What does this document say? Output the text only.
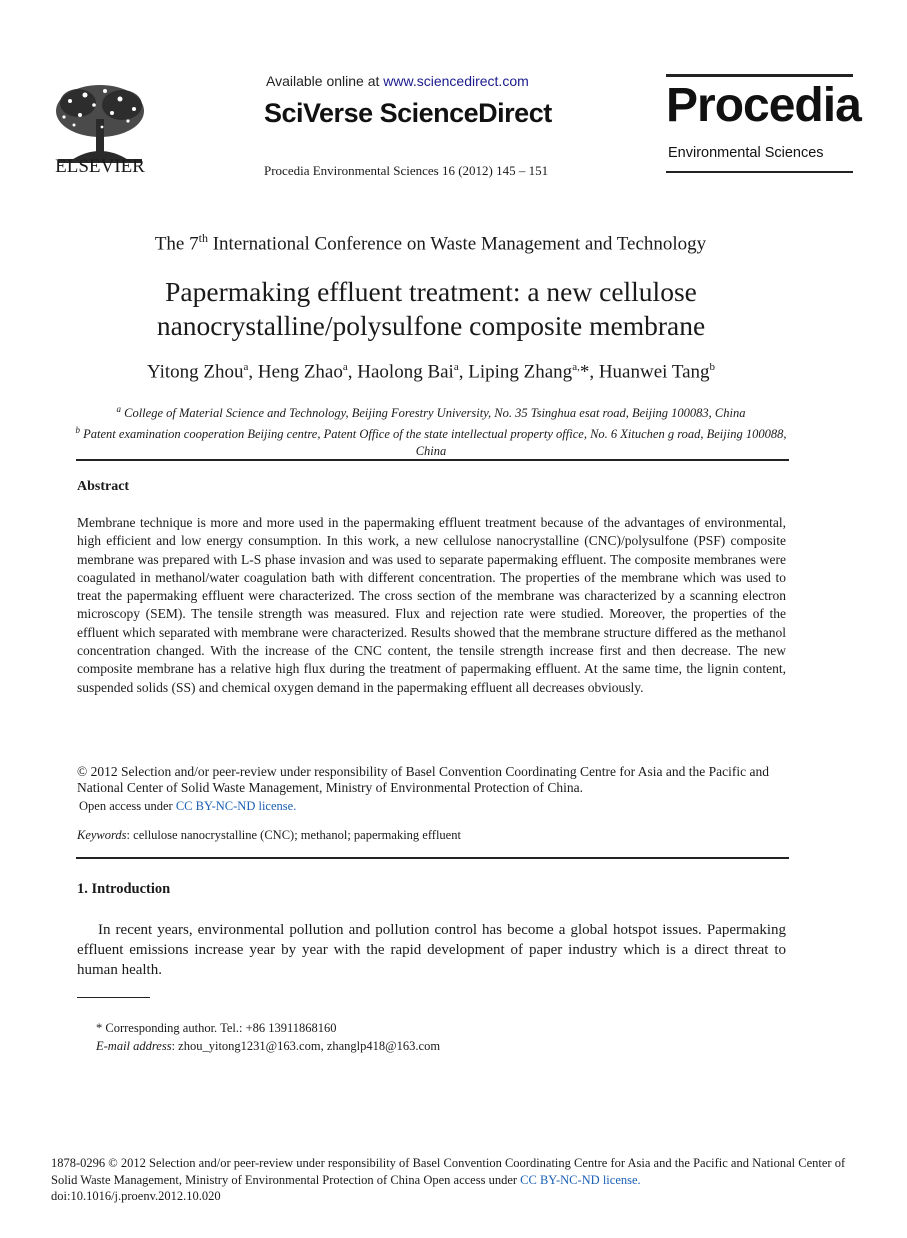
ELSEVIER
Available online at www.sciencedirect.com
SciVerse ScienceDirect
Procedia Environmental Sciences 16 (2012) 145 – 151
Procedia
Environmental Sciences
The 7th International Conference on Waste Management and Technology
Papermaking effluent treatment: a new cellulose
nanocrystalline/polysulfone composite membrane
Yitong Zhou$^a$, Heng Zhao$^a$, Haolong Bai$^a$, Liping Zhang$^{a,}$*, Huanwei Tang$^b$
$^a$ College of Material Science and Technology, Beijing Forestry University, No. 35 Tsinghua esat road, Beijing 100083, China
$^b$ Patent examination cooperation Beijing centre, Patent Office of the state intellectual property office, No. 6 Xituchen g road, Beijing 100088, China
Abstract
Membrane technique is more and more used in the papermaking effluent treatment because of the advantages of environmental, high efficient and low energy consumption. In this work, a new cellulose nanocrystalline (CNC)/polysulfone (PSF) composite membrane was prepared with L-S phase invasion and was used to separate papermaking effluent. The composite membranes were coagulated in methanol/water coagulation bath with different concentration. The properties of the membrane which was used to treat the papermaking effluent were characterized. The cross section of the membrane was characterized by a scanning electron microscopy (SEM). The tensile strength was measured. Flux and rejection rate were studied. Moreover, the properties of the effluent which separated with membrane were characterized. Results showed that the membrane structure differed as the methanol concentration changed. With the increase of the CNC content, the tensile strength increase first and then decrease. The new composite membrane has a relative high flux during the treatment of papermaking effluent. At the same time, the lignin content, suspended solids (SS) and chemical oxygen demand in the papermaking effluent all decreases obviously.
© 2012 Selection and/or peer-review under responsibility of Basel Convention Coordinating Centre for Asia and the Pacific and National Center of Solid Waste Management, Ministry of Environmental Protection of China.
Open access under CC BY-NC-ND license.
Keywords: cellulose nanocrystalline (CNC); methanol; papermaking effluent
1. Introduction
In recent years, environmental pollution and pollution control has become a global hotspot issues. Papermaking effluent emissions increase year by year with the rapid development of paper industry which is a direct threat to human health.
* Corresponding author. Tel.: +86 13911868160
E-mail address: zhou_yitong1231@163.com, zhanglp418@163.com
1878-0296 © 2012 Selection and/or peer-review under responsibility of Basel Convention Coordinating Centre for Asia and the Pacific and National Center of Solid Waste Management, Ministry of Environmental Protection of China Open access under CC BY-NC-ND license.
doi:10.1016/j.proenv.2012.10.020
